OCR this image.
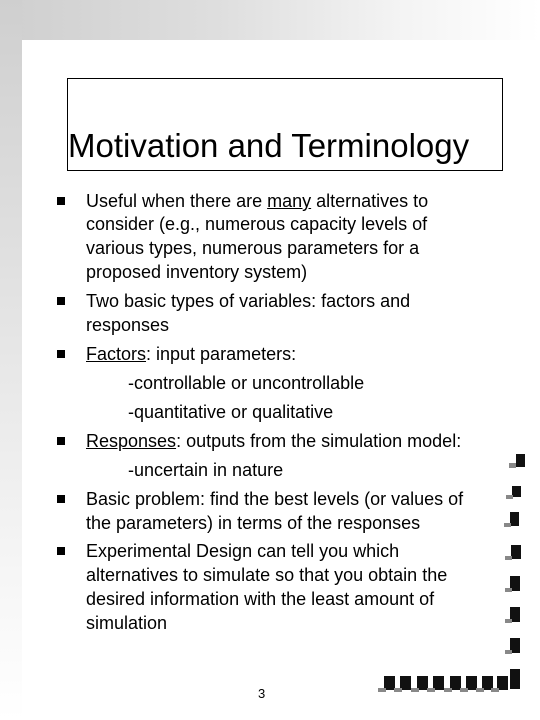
Motivation and Terminology
Useful when there are many alternatives to
consider (e.g., numerous capacity levels of
various types, numerous parameters for a
proposed inventory system)
Two basic types of variables: factors and
responses
Factors: input parameters:
-controllable or uncontrollable
-quantitative or qualitative
Responses: outputs from the simulation model:
-uncertain in nature
Basic problem: find the best levels (or values of
the parameters) in terms of the responses
Experimental Design can tell you which
alternatives to simulate so that you obtain the
desired information with the least amount of
simulation
3
